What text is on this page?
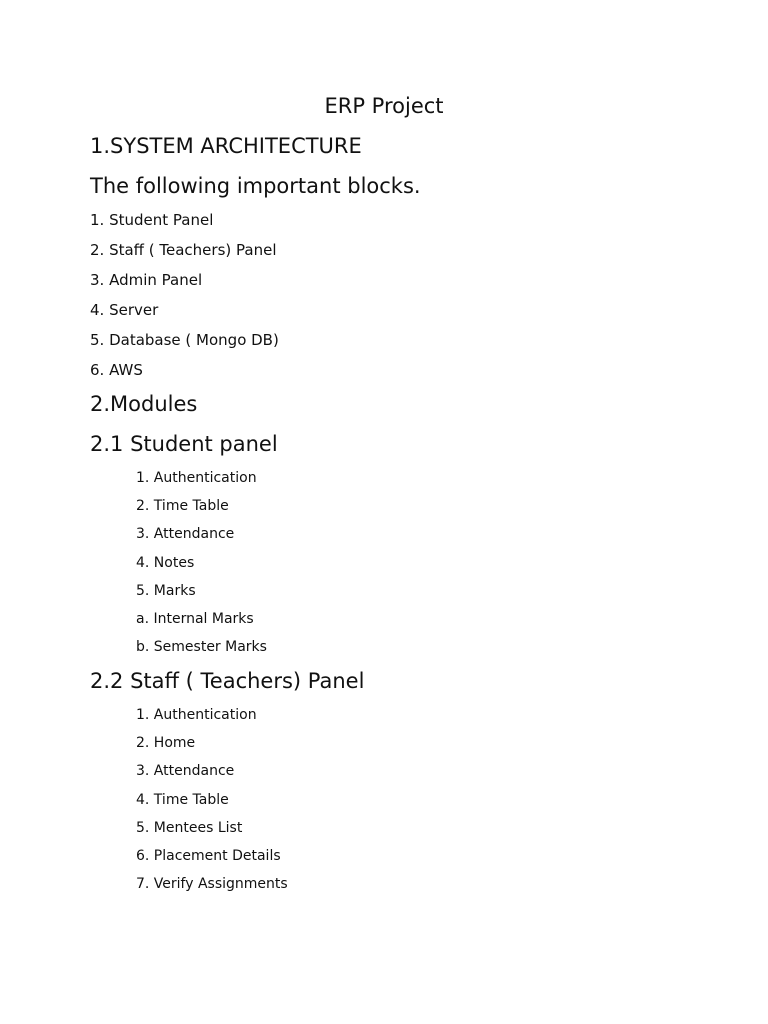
ERP Project
1.SYSTEM ARCHITECTURE
The following important blocks.
1. Student Panel
2. Staff ( Teachers) Panel
3. Admin Panel
4. Server
5. Database ( Mongo DB)
6. AWS
2.Modules
2.1 Student panel
1. Authentication
2. Time Table
3. Attendance
4. Notes
5. Marks
a. Internal Marks
b. Semester Marks
2.2 Staff ( Teachers) Panel
1. Authentication
2. Home
3. Attendance
4. Time Table
5. Mentees List
6. Placement Details
7. Verify Assignments
